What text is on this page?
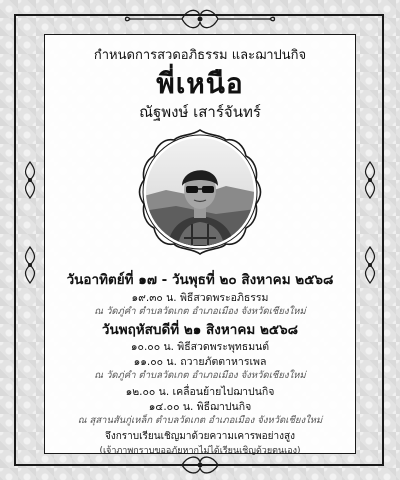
กำหนดการสวดอภิธรรม และฌาปนกิจ
พี่เหนือ
ณัฐพงษ์ เสาร์จันทร์
วันอาทิตย์ที่ ๑๗ - วันพุธที่ ๒๐ สิงหาคม ๒๕๖๘
๑๙.๓๐ น. พิธีสวดพระอภิธรรม
ณ วัดภู่คำ ตำบลวัดเกต อำเภอเมือง จังหวัดเชียงใหม่
วันพฤหัสบดีที่ ๒๑ สิงหาคม ๒๕๖๘
๑๐.๐๐ น. พิธีสวดพระพุทธมนต์
๑๑.๐๐ น. ถวายภัตตาหารเพล
ณ วัดภู่คำ ตำบลวัดเกต อำเภอเมือง จังหวัดเชียงใหม่
๑๒.๐๐ น. เคลื่อนย้ายไปฌาปนกิจ
๑๔.๐๐ น. พิธีฌาปนกิจ
ณ สุสานสันกู่เหล็ก ตำบลวัดเกต อำเภอเมือง จังหวัดเชียงใหม่
จึงกราบเรียนเชิญมาด้วยความเคารพอย่างสูง
(เจ้าภาพกราบขออภัยหากไม่ได้เรียนเชิญด้วยตนเอง)
